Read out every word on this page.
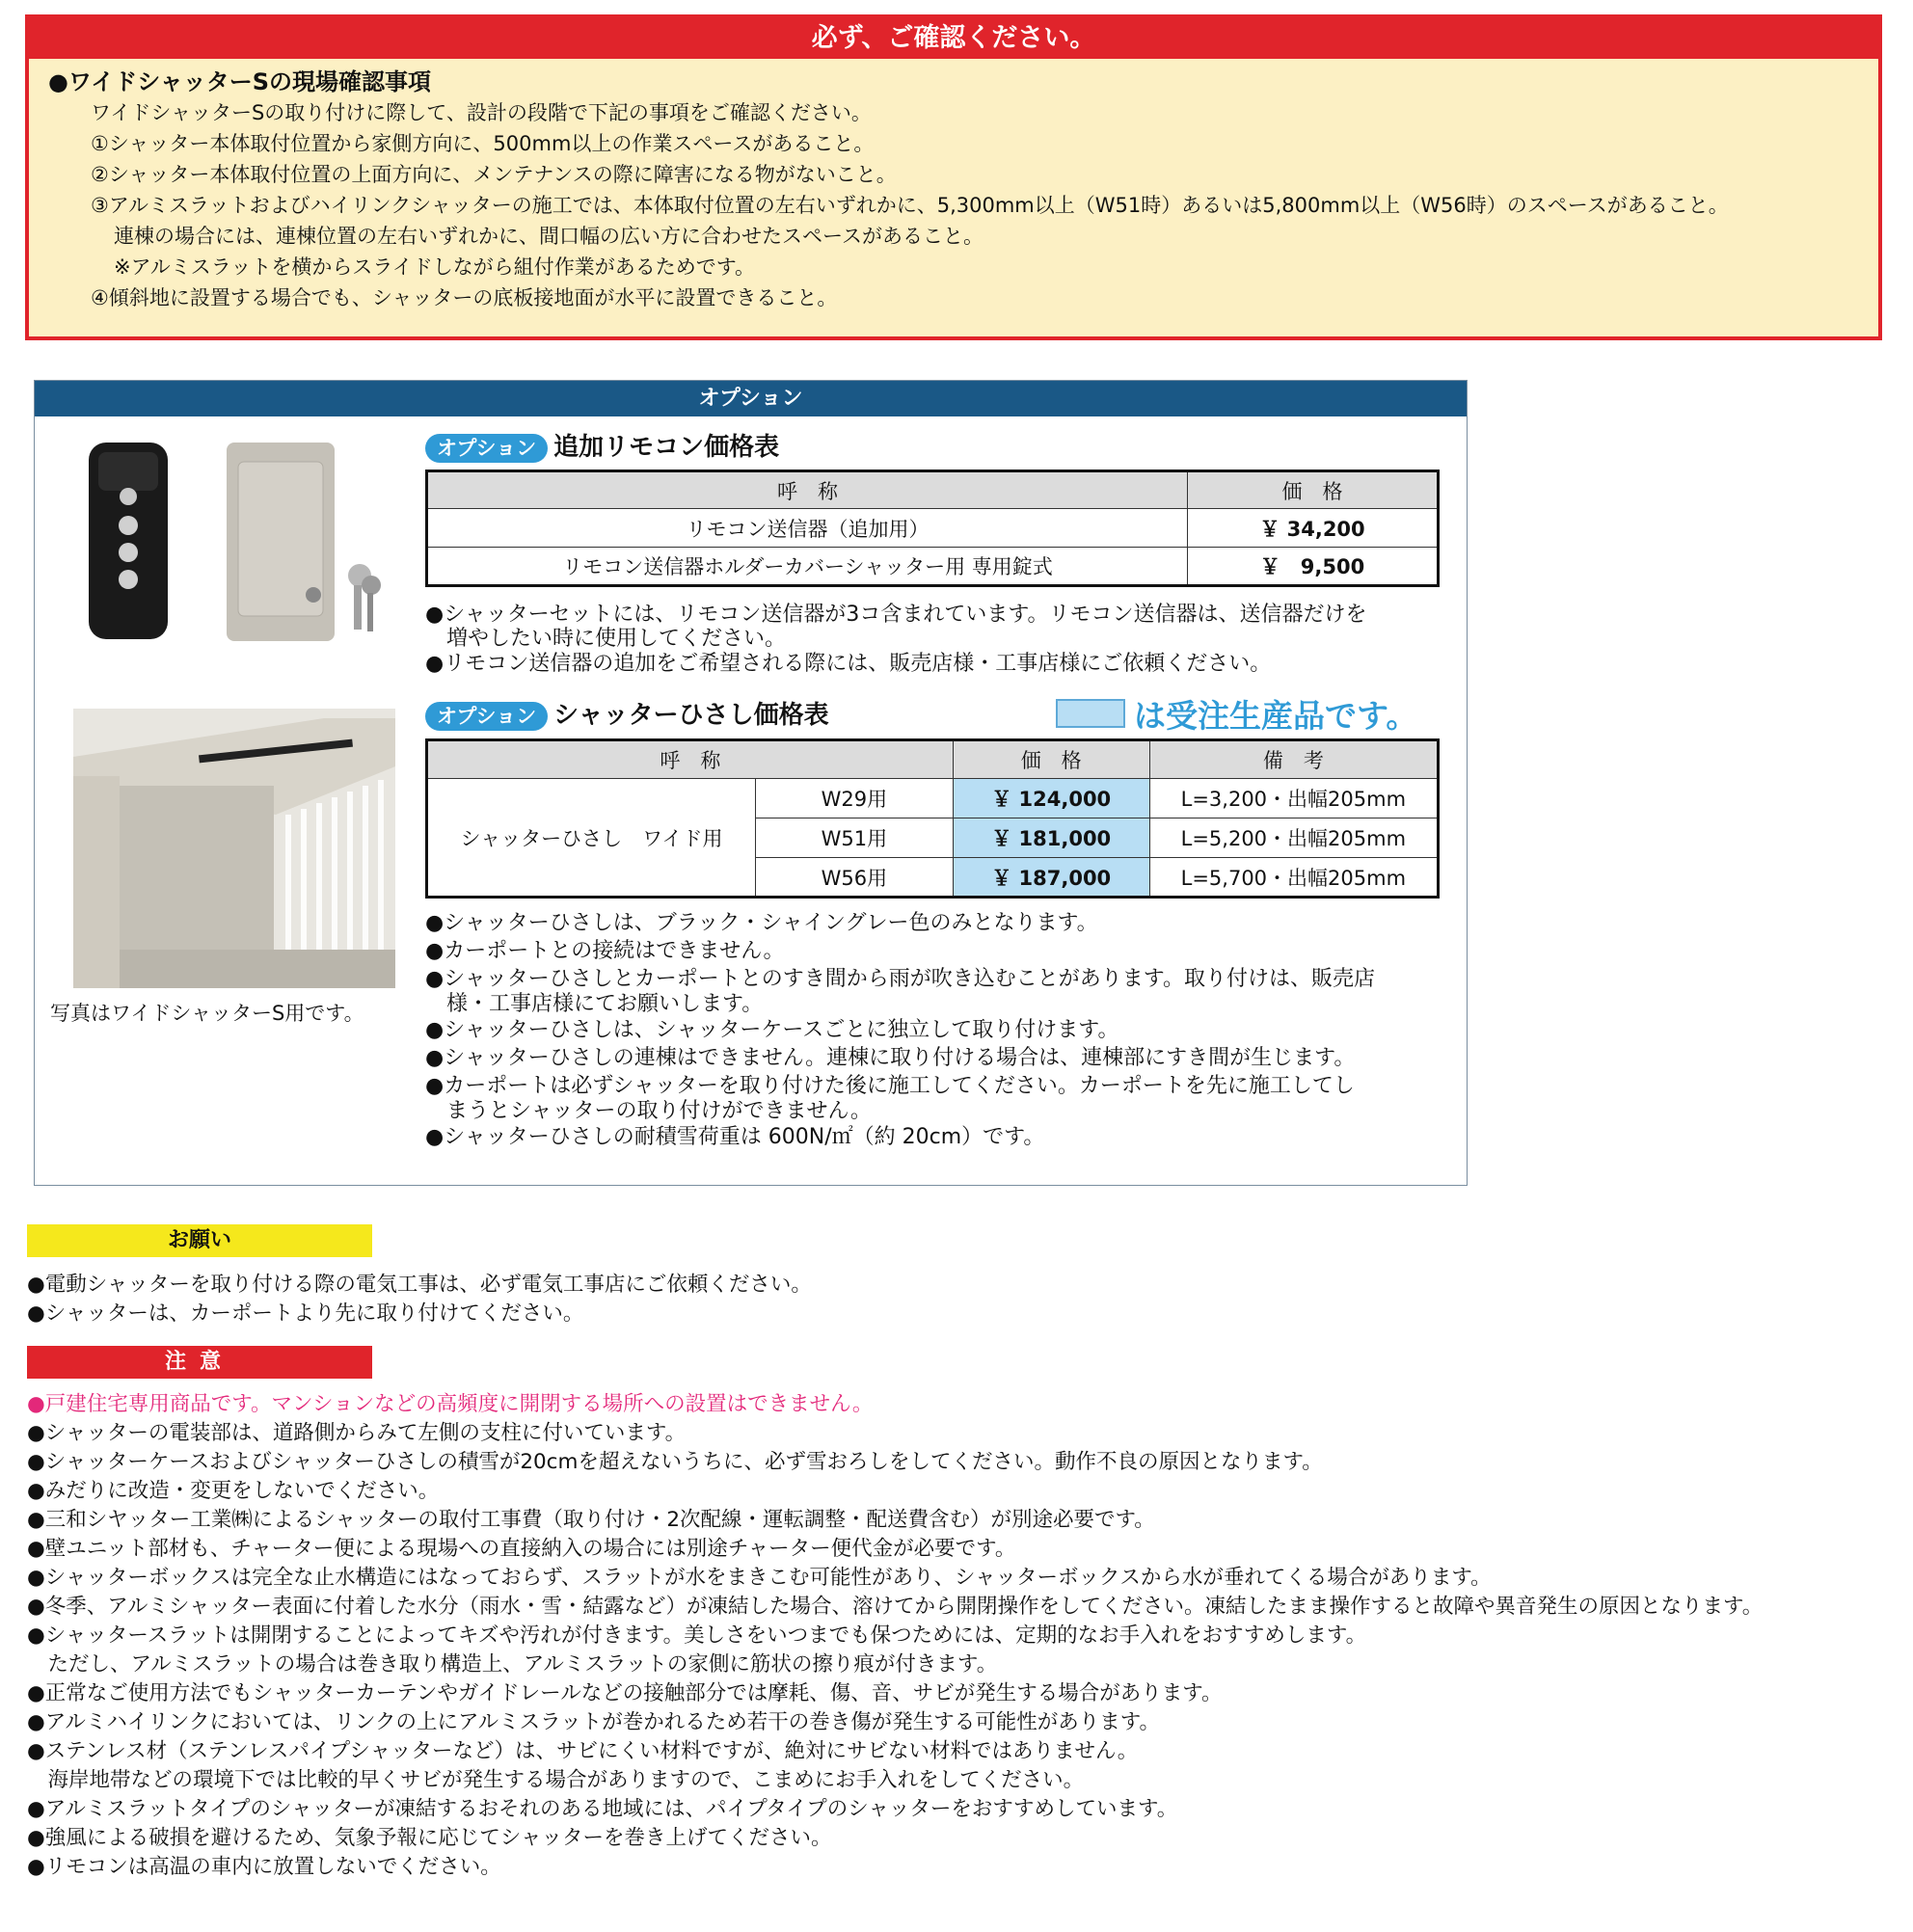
必ず、ご確認ください。
●ワイドシャッターSの現場確認事項
ワイドシャッターSの取り付けに際して、設計の段階で下記の事項をご確認ください。
①シャッター本体取付位置から家側方向に、500mm以上の作業スペースがあること。
②シャッター本体取付位置の上面方向に、メンテナンスの際に障害になる物がないこと。
③アルミスラットおよびハイリンクシャッターの施工では、本体取付位置の左右いずれかに、5,300mm以上（W51時）あるいは5,800mm以上（W56時）のスペースがあること。
連棟の場合には、連棟位置の左右いずれかに、間口幅の広い方に合わせたスペースがあること。
※アルミスラットを横からスライドしながら組付作業があるためです。
④傾斜地に設置する場合でも、シャッターの底板接地面が水平に設置できること。
オプション
写真はワイドシャッターS用です。
オプション 追加リモコン価格表
呼　称	価　格
リモコン送信器（追加用）	￥ 34,200
リモコン送信器ホルダーカバーシャッター用 専用錠式	￥　9,500
●シャッターセットには、リモコン送信器が3コ含まれています。リモコン送信器は、送信器だけを
　増やしたい時に使用してください。
●リモコン送信器の追加をご希望される際には、販売店様・工事店様にご依頼ください。
オプション シャッターひさし価格表	は受注生産品です。
呼　称		価　格	備　考
シャッターひさし　ワイド用	W29用	￥ 124,000	L=3,200・出幅205mm
	W51用	￥ 181,000	L=5,200・出幅205mm
	W56用	￥ 187,000	L=5,700・出幅205mm
●シャッターひさしは、ブラック・シャイングレー色のみとなります。
●カーポートとの接続はできません。
●シャッターひさしとカーポートとのすき間から雨が吹き込むことがあります。取り付けは、販売店
　様・工事店様にてお願いします。
●シャッターひさしは、シャッターケースごとに独立して取り付けます。
●シャッターひさしの連棟はできません。連棟に取り付ける場合は、連棟部にすき間が生じます。
●カーポートは必ずシャッターを取り付けた後に施工してください。カーポートを先に施工してし
　まうとシャッターの取り付けができません。
●シャッターひさしの耐積雪荷重は 600N/㎡（約 20cm）です。
お願い
●電動シャッターを取り付ける際の電気工事は、必ず電気工事店にご依頼ください。
●シャッターは、カーポートより先に取り付けてください。
注意
●戸建住宅専用商品です。マンションなどの高頻度に開閉する場所への設置はできません。
●シャッターの電装部は、道路側からみて左側の支柱に付いています。
●シャッターケースおよびシャッターひさしの積雪が20cmを超えないうちに、必ず雪おろしをしてください。動作不良の原因となります。
●みだりに改造・変更をしないでください。
●三和シヤッター工業㈱によるシャッターの取付工事費（取り付け・2次配線・運転調整・配送費含む）が別途必要です。
●壁ユニット部材も、チャーター便による現場への直接納入の場合には別途チャーター便代金が必要です。
●シャッターボックスは完全な止水構造にはなっておらず、スラットが水をまきこむ可能性があり、シャッターボックスから水が垂れてくる場合があります。
●冬季、アルミシャッター表面に付着した水分（雨水・雪・結露など）が凍結した場合、溶けてから開閉操作をしてください。凍結したまま操作すると故障や異音発生の原因となります。
●シャッタースラットは開閉することによってキズや汚れが付きます。美しさをいつまでも保つためには、定期的なお手入れをおすすめします。
　ただし、アルミスラットの場合は巻き取り構造上、アルミスラットの家側に筋状の擦り痕が付きます。
●正常なご使用方法でもシャッターカーテンやガイドレールなどの接触部分では摩耗、傷、音、サビが発生する場合があります。
●アルミハイリンクにおいては、リンクの上にアルミスラットが巻かれるため若干の巻き傷が発生する可能性があります。
●ステンレス材（ステンレスパイプシャッターなど）は、サビにくい材料ですが、絶対にサビない材料ではありません。
　海岸地帯などの環境下では比較的早くサビが発生する場合がありますので、こまめにお手入れをしてください。
●アルミスラットタイプのシャッターが凍結するおそれのある地域には、パイプタイプのシャッターをおすすめしています。
●強風による破損を避けるため、気象予報に応じてシャッターを巻き上げてください。
●リモコンは高温の車内に放置しないでください。
